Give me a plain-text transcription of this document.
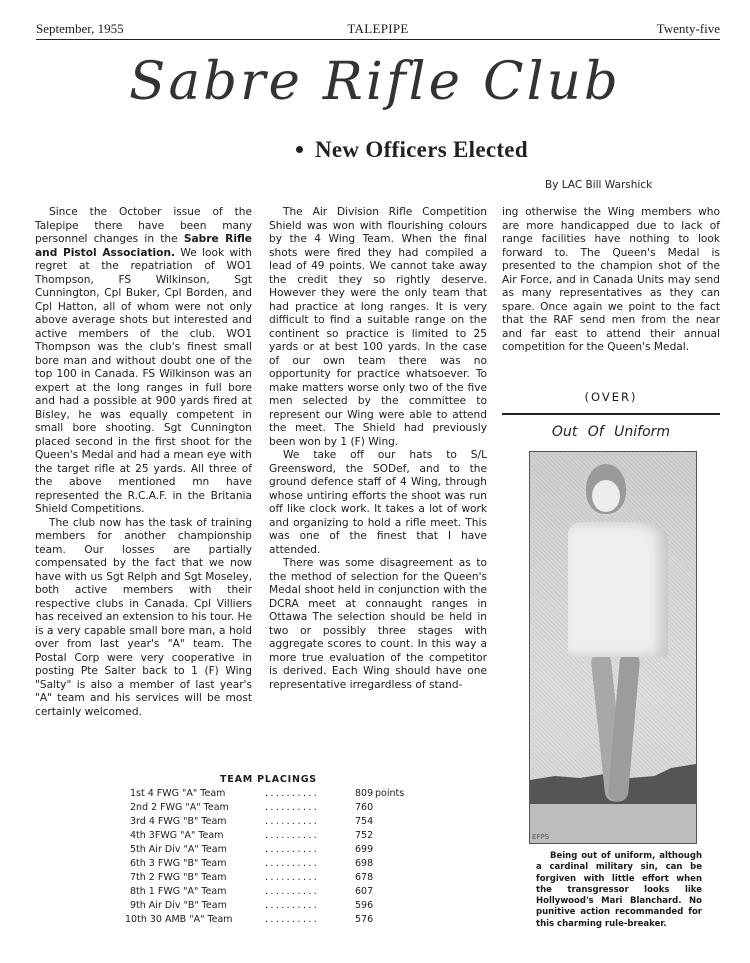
September, 1955	TALEPIPE	Twenty-five
Sabre Rifle Club
New Officers Elected
By LAC Bill Warshick

Since the October issue of the Talepipe there have been many personnel changes in the Sabre Rifle and Pistol Association. We look with regret at the repatriation of WO1 Thompson, FS Wilkinson, Sgt Cunnington, Cpl Buker, Cpl Borden, and Cpl Hatton, all of whom were not only above average shots but interested and active members of the club. WO1 Thompson was the club's finest small bore man and without doubt one of the top 100 in Canada. FS Wilkinson was an expert at the long ranges in full bore and had a possible at 900 yards fired at Bisley, he was equally competent in small bore shooting. Sgt Cunnington placed second in the first shoot for the Queen's Medal and had a mean eye with the target rifle at 25 yards. All three of the above mentioned mn have represented the R.C.A.F. in the Britania Shield Competitions.

The club now has the task of training members for another championship team. Our losses are partially compensated by the fact that we now have with us Sgt Relph and Sgt Moseley, both active members with their respective clubs in Canada. Cpl Villiers has received an extension to his tour. He is a very capable small bore man, a hold over from last year's "A" team. The Postal Corp were very cooperative in posting Pte Salter back to 1 (F) Wing "Salty" is also a member of last year's "A" team and his services will be most certainly welcomed.

The Air Division Rifle Competition Shield was won with flourishing colours by the 4 Wing Team. When the final shots were fired they had compiled a lead of 49 points. We cannot take away the credit they so rightly deserve. However they were the only team that had practice at long ranges. It is very difficult to find a suitable range on the continent so practice is limited to 25 yards or at best 100 yards. In the case of our own team there was no opportunity for practice whatsoever. To make matters worse only two of the five men selected by the committee to represent our Wing were able to attend the meet. The Shield had previously been won by 1 (F) Wing.

We take off our hats to S/L Greensword, the SODef, and to the ground defence staff of 4 Wing, through whose untiring efforts the shoot was run off like clock work. It takes a lot of work and organizing to hold a rifle meet. This was one of the finest that I have attended.

There was some disagreement as to the method of selection for the Queen's Medal shoot held in conjunction with the DCRA meet at connaught ranges in Ottawa The selection should be held in two or possibly three stages with aggregate scores to count. In this way a more true evaluation of the competitor is derived. Each Wing should have one representative irregardless of stand-

ing otherwise the Wing members who are more handicapped due to lack of range facilities have nothing to look forward to. The Queen's Medal is presented to the champion shot of the Air Force, and in Canada Units may send as many representatives as they can spare. Once again we point to the fact that the RAF send men from the near and far east to attend their annual competition for the Queen's Medal.

(OVER)
Out Of Uniform
EFPS

Being out of uniform, although a cardinal military sin, can be forgiven with little effort when the transgressor looks like Hollywood's Mari Blanchard. No punitive action recommanded for this charming rule-breaker.

TEAM PLACINGS
1st 4 FWG "A" Team	..........	809 points
2nd 2 FWG "A" Team	..........	760
3rd 4 FWG "B" Team	..........	754
4th 3FWG "A" Team	..........	752
5th Air Div "A" Team	..........	699
6th 3 FWG "B" Team	..........	698
7th 2 FWG "B" Team	..........	678
8th 1 FWG "A" Team	..........	607
9th Air Div "B" Team	..........	596
10th 30 AMB "A" Team	..........	576
